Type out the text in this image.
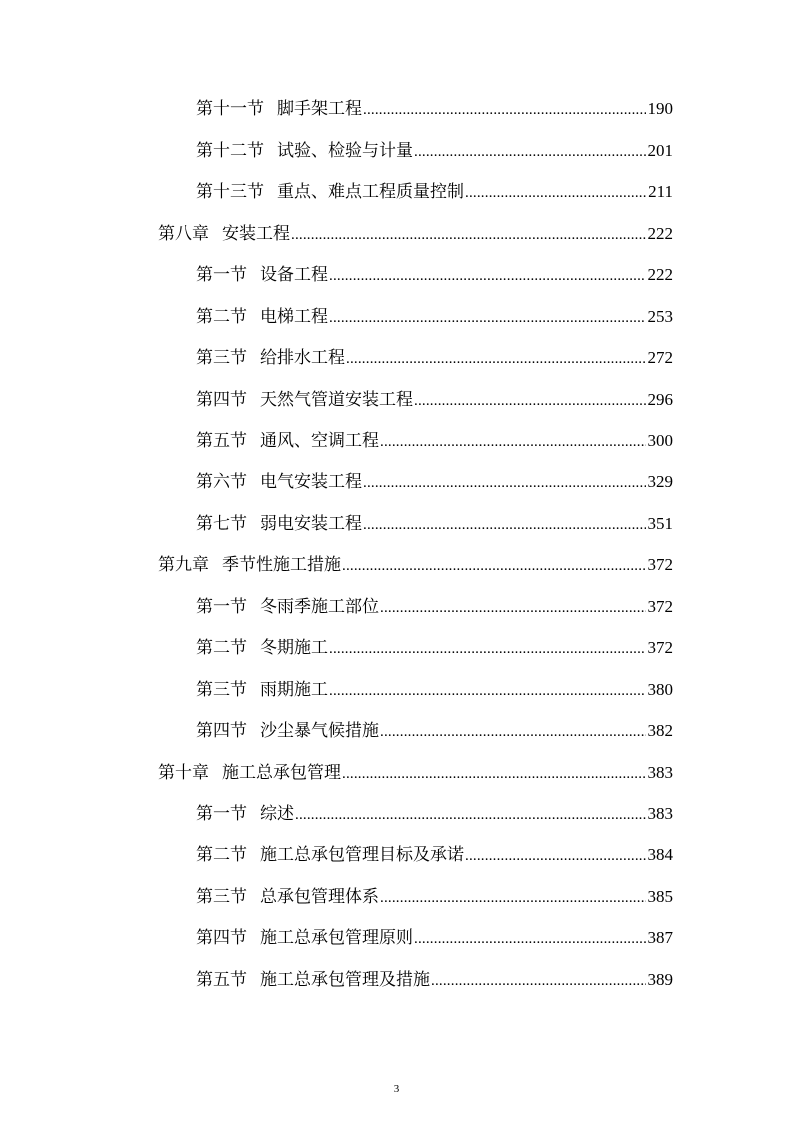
第十一节 脚手架工程 .....	190
第十二节 试验、检验与计量 .....	201
第十三节 重点、难点工程质量控制 .....	211
第八章 安装工程 .....	222
第一节 设备工程 .....	222
第二节 电梯工程 .....	253
第三节 给排水工程 .....	272
第四节 天然气管道安装工程 .....	296
第五节 通风、空调工程 .....	300
第六节 电气安装工程 .....	329
第七节 弱电安装工程 .....	351
第九章 季节性施工措施 .....	372
第一节 冬雨季施工部位 .....	372
第二节 冬期施工 .....	372
第三节 雨期施工 .....	380
第四节 沙尘暴气候措施 .....	382
第十章 施工总承包管理 .....	383
第一节 综述 .....	383
第二节 施工总承包管理目标及承诺 .....	384
第三节 总承包管理体系 .....	385
第四节 施工总承包管理原则 .....	387
第五节 施工总承包管理及措施 .....	389
3
